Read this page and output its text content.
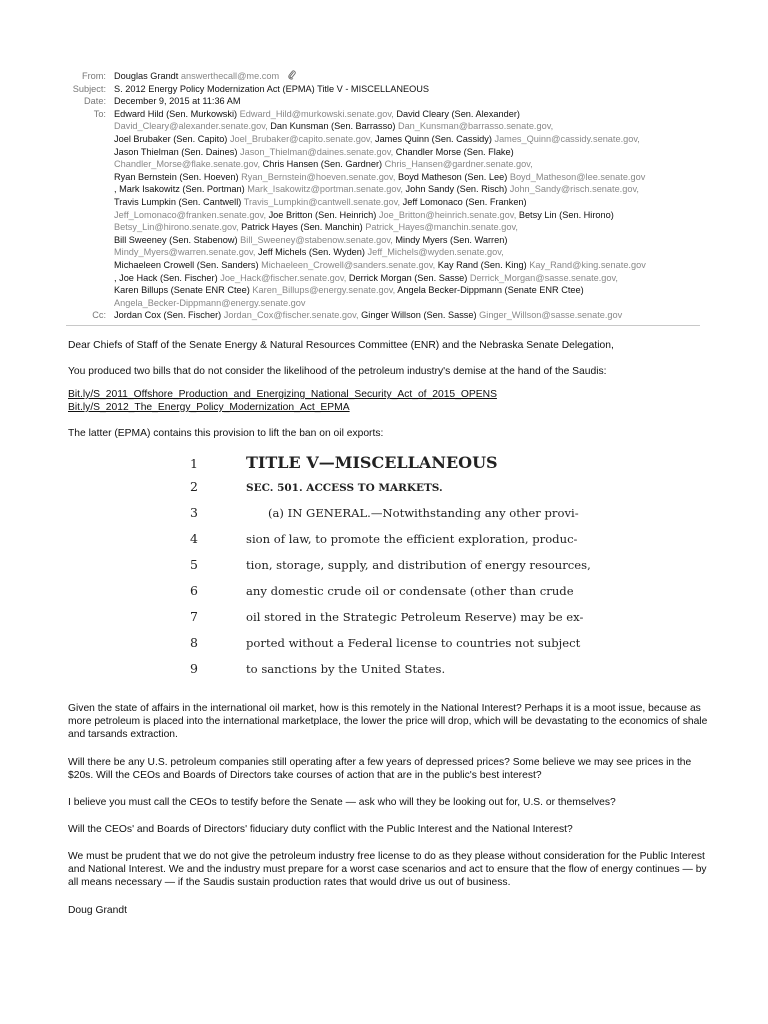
From: Douglas Grandt answerthecall@me.com
Subject: S. 2012 Energy Policy Modernization Act (EPMA) Title V - MISCELLANEOUS
Date: December 9, 2015 at 11:36 AM
To: Edward Hild (Sen. Murkowski) Edward_Hild@murkowski.senate.gov, David Cleary (Sen. Alexander)
David_Cleary@alexander.senate.gov, Dan Kunsman (Sen. Barrasso) Dan_Kunsman@barrasso.senate.gov,
Joel Brubaker (Sen. Capito) Joel_Brubaker@capito.senate.gov, James Quinn (Sen. Cassidy) James_Quinn@cassidy.senate.gov,
Jason Thielman (Sen. Daines) Jason_Thielman@daines.senate.gov, Chandler Morse (Sen. Flake)
Chandler_Morse@flake.senate.gov, Chris Hansen (Sen. Gardner) Chris_Hansen@gardner.senate.gov,
Ryan Bernstein (Sen. Hoeven) Ryan_Bernstein@hoeven.senate.gov, Boyd Matheson (Sen. Lee) Boyd_Matheson@lee.senate.gov
, Mark Isakowitz (Sen. Portman) Mark_Isakowitz@portman.senate.gov, John Sandy (Sen. Risch) John_Sandy@risch.senate.gov,
Travis Lumpkin (Sen. Cantwell) Travis_Lumpkin@cantwell.senate.gov, Jeff Lomonaco (Sen. Franken)
Jeff_Lomonaco@franken.senate.gov, Joe Britton (Sen. Heinrich) Joe_Britton@heinrich.senate.gov, Betsy Lin (Sen. Hirono)
Betsy_Lin@hirono.senate.gov, Patrick Hayes (Sen. Manchin) Patrick_Hayes@manchin.senate.gov,
Bill Sweeney (Sen. Stabenow) Bill_Sweeney@stabenow.senate.gov, Mindy Myers (Sen. Warren)
Mindy_Myers@warren.senate.gov, Jeff Michels (Sen. Wyden) Jeff_Michels@wyden.senate.gov,
Michaeleen Crowell (Sen. Sanders) Michaeleen_Crowell@sanders.senate.gov, Kay Rand (Sen. King) Kay_Rand@king.senate.gov
, Joe Hack (Sen. Fischer) Joe_Hack@fischer.senate.gov, Derrick Morgan (Sen. Sasse) Derrick_Morgan@sasse.senate.gov,
Karen Billups (Senate ENR Ctee) Karen_Billups@energy.senate.gov, Angela Becker-Dippmann (Senate ENR Ctee)
Angela_Becker-Dippmann@energy.senate.gov
Cc: Jordan Cox (Sen. Fischer) Jordan_Cox@fischer.senate.gov, Ginger Willson (Sen. Sasse) Ginger_Willson@sasse.senate.gov
Dear Chiefs of Staff of the Senate Energy & Natural Resources Committee (ENR) and the Nebraska Senate Delegation,
You produced two bills that do not consider the likelihood of the petroleum industry's demise at the hand of the Saudis:
Bit.ly/S_2011_Offshore_Production_and_Energizing_National_Security_Act_of_2015_OPENS
Bit.ly/S_2012_The_Energy_Policy_Modernization_Act_EPMA
The latter (EPMA) contains this provision to lift the ban on oil exports:
1	TITLE V—MISCELLANEOUS
2	SEC. 501. ACCESS TO MARKETS.
3	(a) IN GENERAL.—Notwithstanding any other provi-
4	sion of law, to promote the efficient exploration, produc-
5	tion, storage, supply, and distribution of energy resources,
6	any domestic crude oil or condensate (other than crude
7	oil stored in the Strategic Petroleum Reserve) may be ex-
8	ported without a Federal license to countries not subject
9	to sanctions by the United States.
Given the state of affairs in the international oil market, how is this remotely in the National Interest? Perhaps it is a moot issue, because as more petroleum is placed into the international marketplace, the lower the price will drop, which will be devastating to the economics of shale and tarsands extraction.
Will there be any U.S. petroleum companies still operating after a few years of depressed prices? Some believe we may see prices in the $20s. Will the CEOs and Boards of Directors take courses of action that are in the public's best interest?
I believe you must call the CEOs to testify before the Senate — ask who will they be looking out for, U.S. or themselves?
Will the CEOs' and Boards of Directors' fiduciary duty conflict with the Public Interest and the National Interest?
We must be prudent that we do not give the petroleum industry free license to do as they please without consideration for the Public Interest and National Interest. We and the industry must prepare for a worst case scenarios and act to ensure that the flow of energy continues — by all means necessary — if the Saudis sustain production rates that would drive us out of business.
Doug Grandt
